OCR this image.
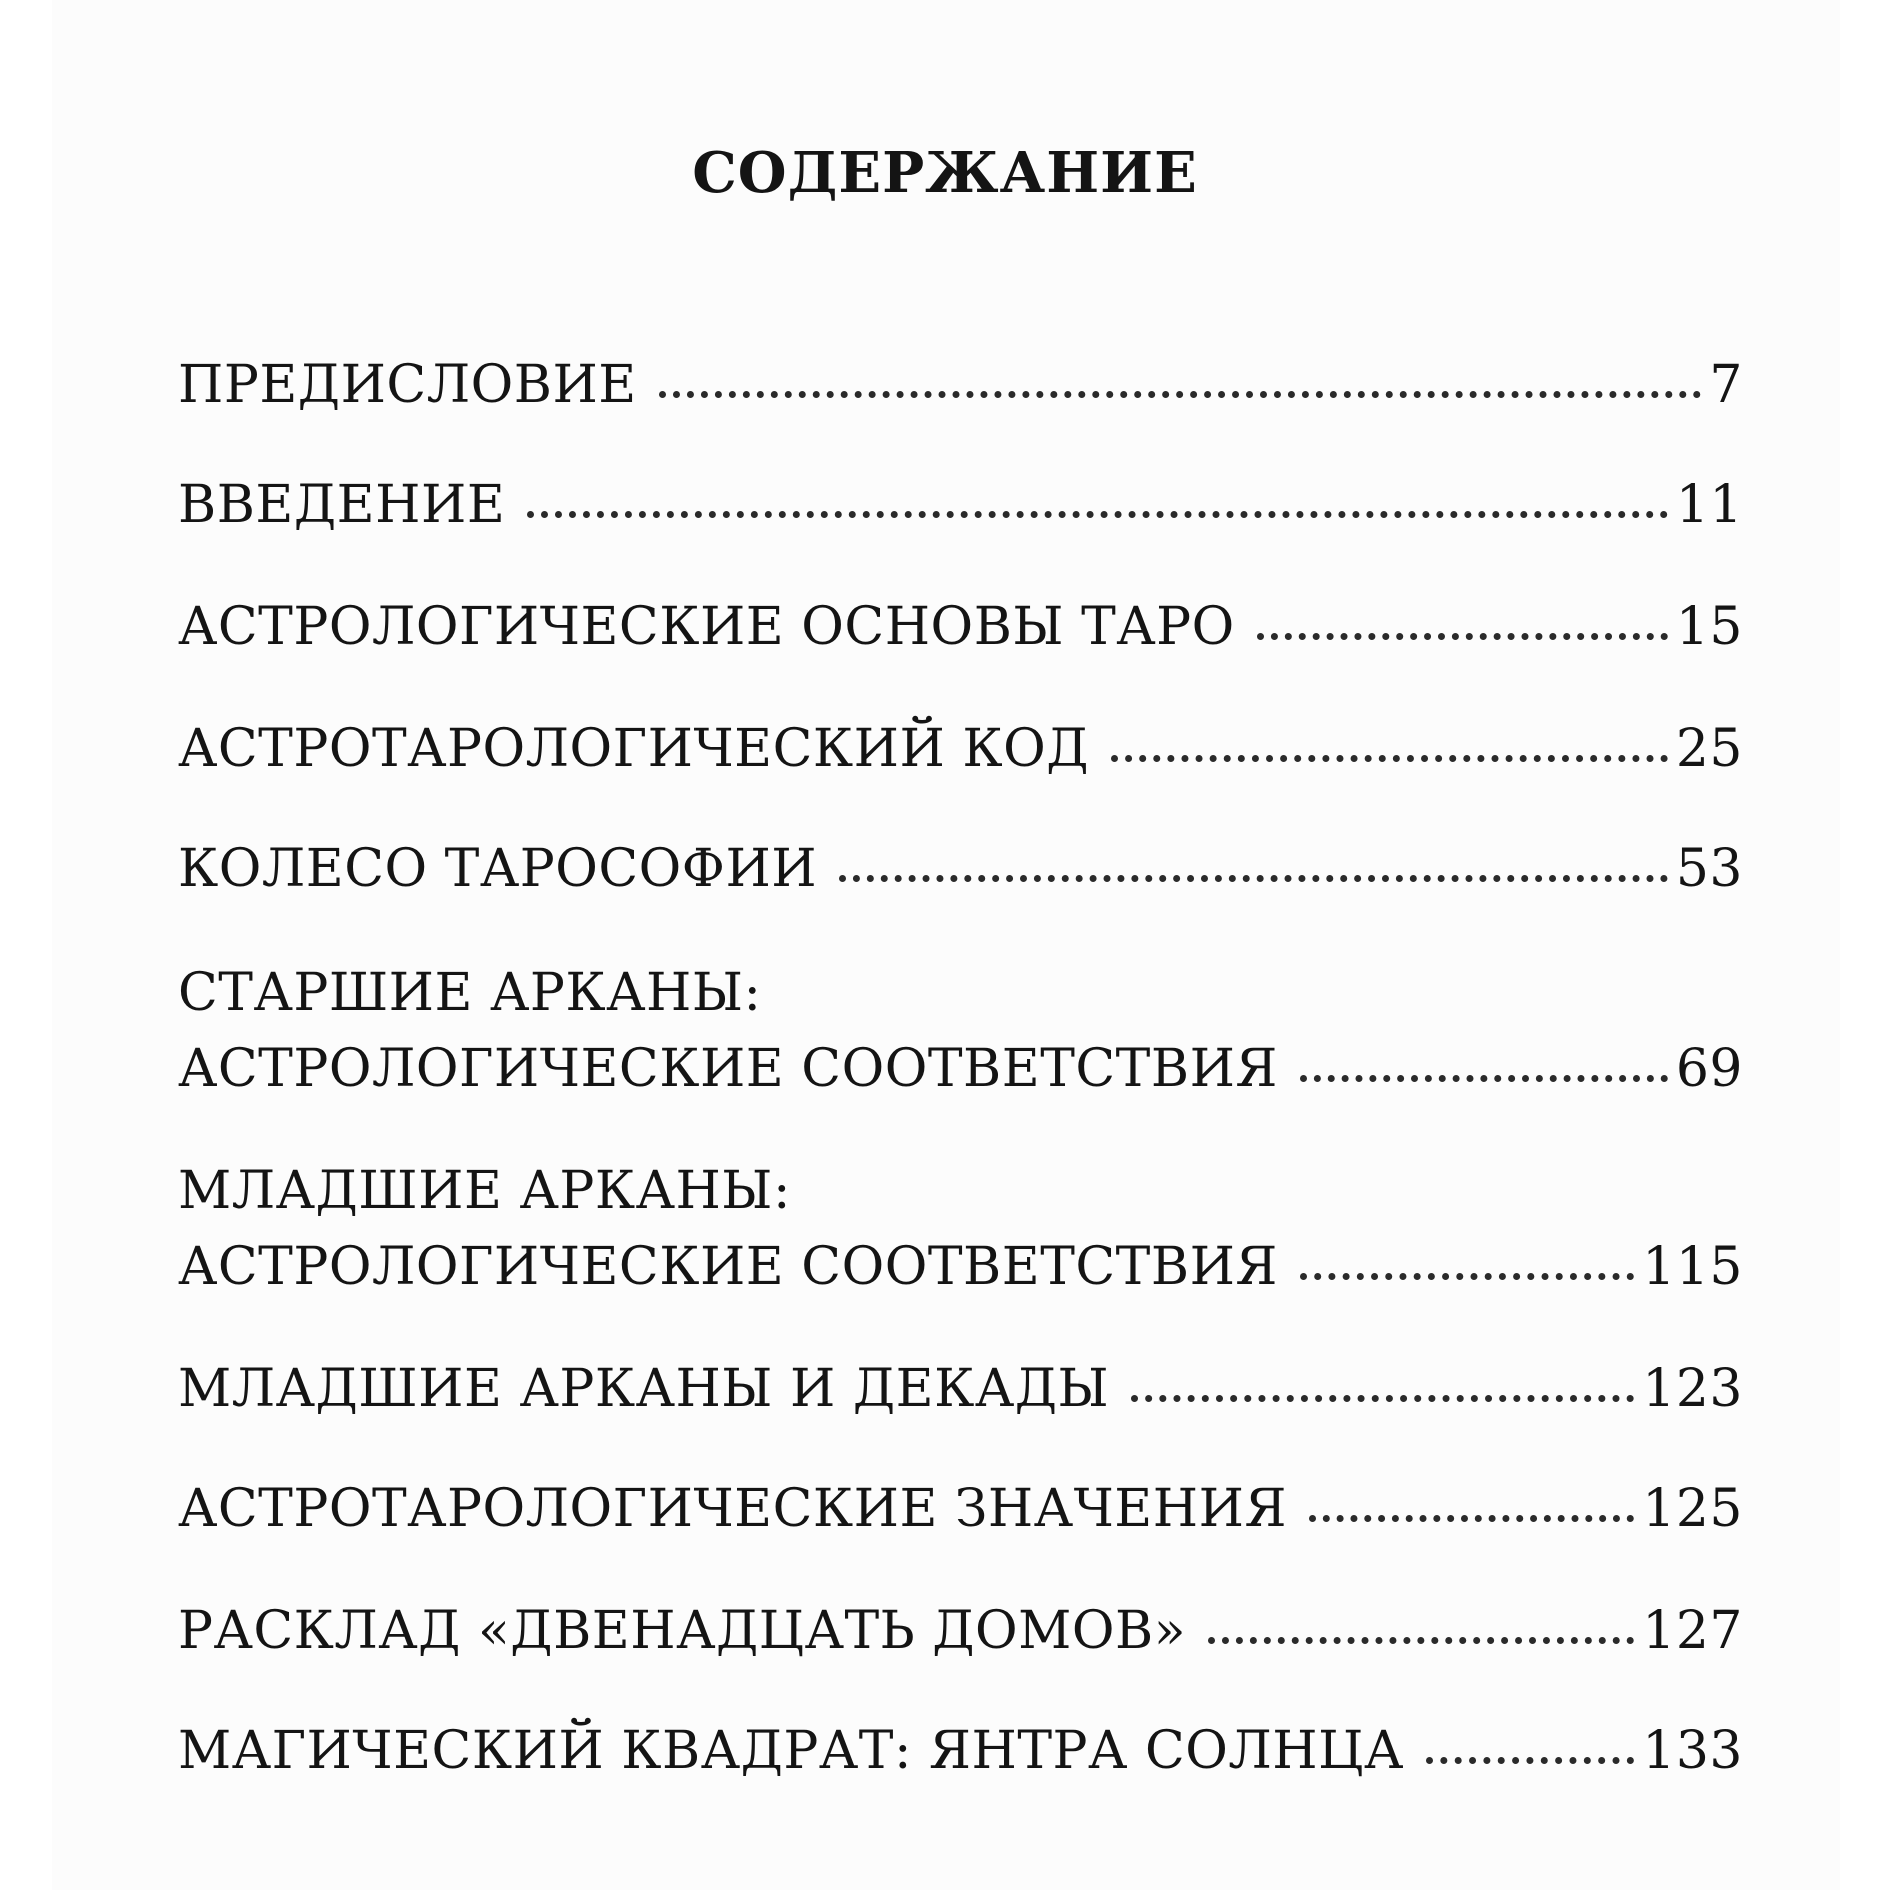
СОДЕРЖАНИЕ
ПРЕДИСЛОВИЕ	7
ВВЕДЕНИЕ	11
АСТРОЛОГИЧЕСКИЕ ОСНОВЫ ТАРО	15
АСТРОТАРОЛОГИЧЕСКИЙ КОД	25
КОЛЕСО ТАРОСОФИИ	53
СТАРШИЕ АРКАНЫ:
АСТРОЛОГИЧЕСКИЕ СООТВЕТСТВИЯ	69
МЛАДШИЕ АРКАНЫ:
АСТРОЛОГИЧЕСКИЕ СООТВЕТСТВИЯ	115
МЛАДШИЕ АРКАНЫ И ДЕКАДЫ	123
АСТРОТАРОЛОГИЧЕСКИЕ ЗНАЧЕНИЯ	125
РАСКЛАД «ДВЕНАДЦАТЬ ДОМОВ»	127
МАГИЧЕСКИЙ КВАДРАТ: ЯНТРА СОЛНЦА	133
